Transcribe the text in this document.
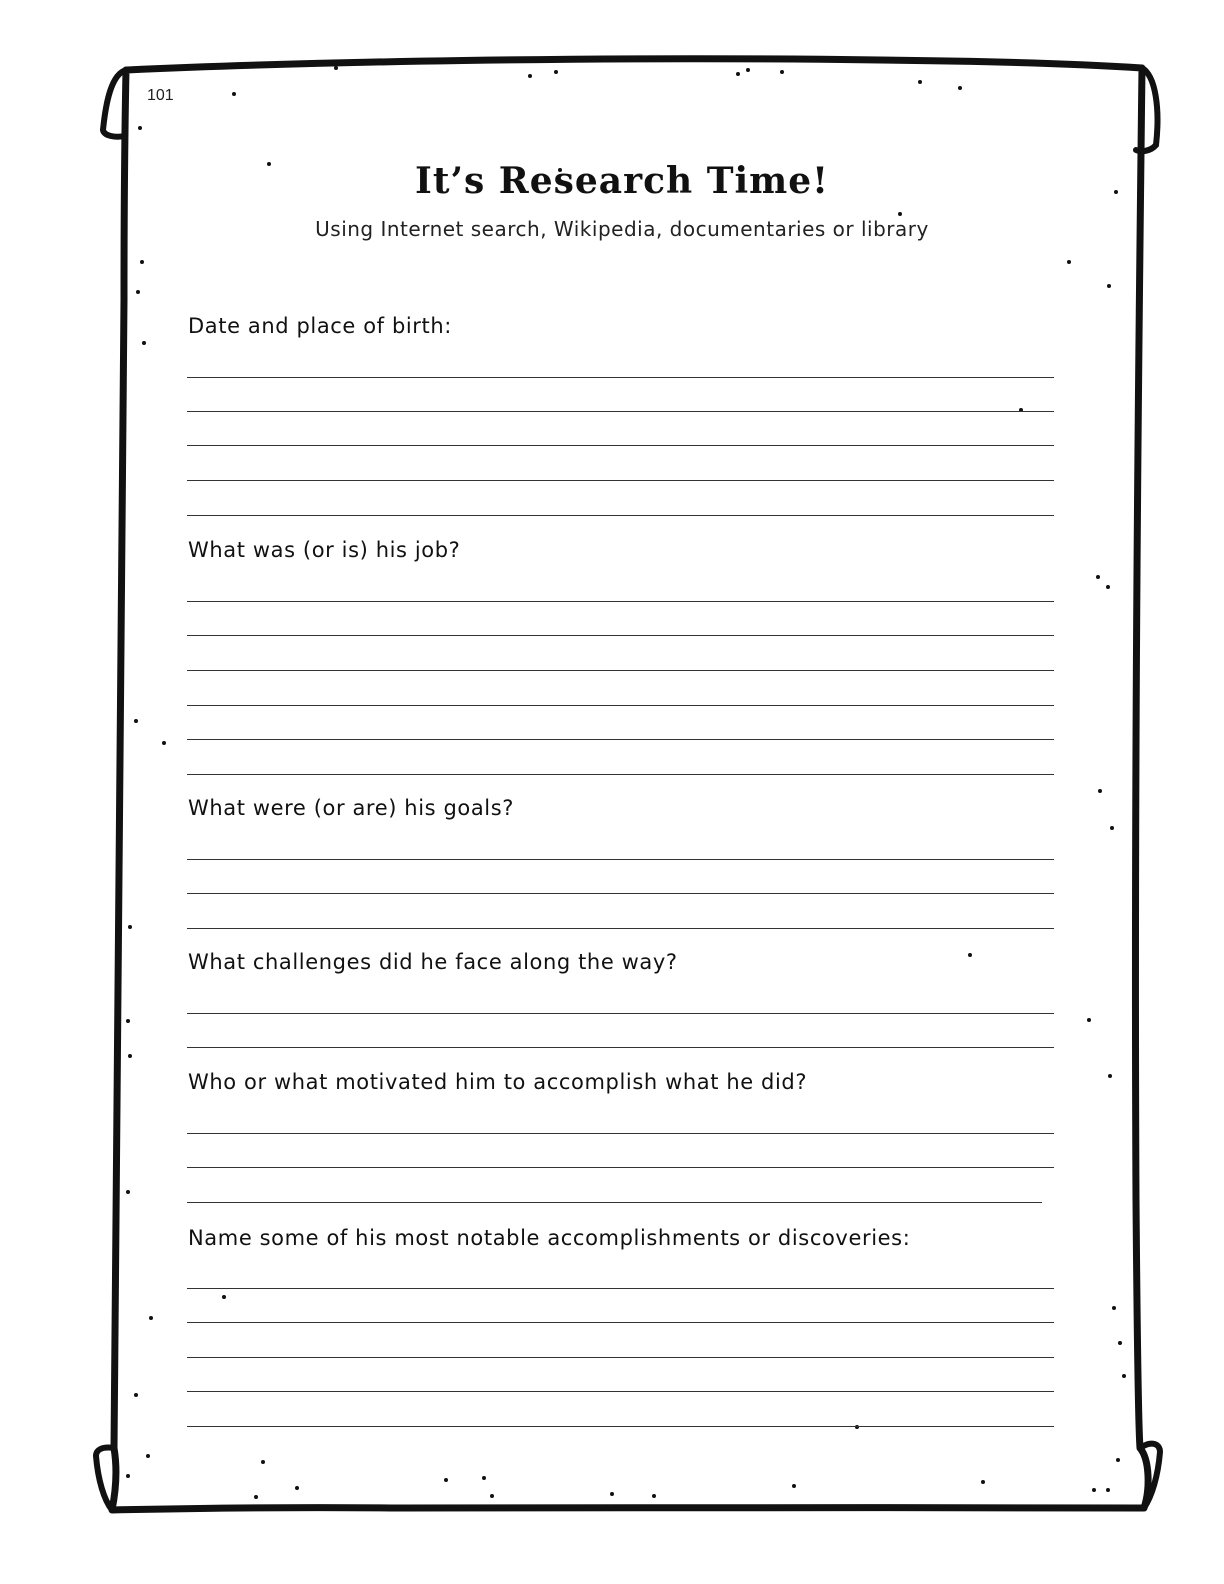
101
It’s Research Time!
Using Internet search, Wikipedia, documentaries or library
Date and place of birth:
What was (or is) his job?
What were (or are) his goals?
What challenges did he face along the way?
Who or what motivated him to accomplish what he did?
Name some of his most notable accomplishments or discoveries:
